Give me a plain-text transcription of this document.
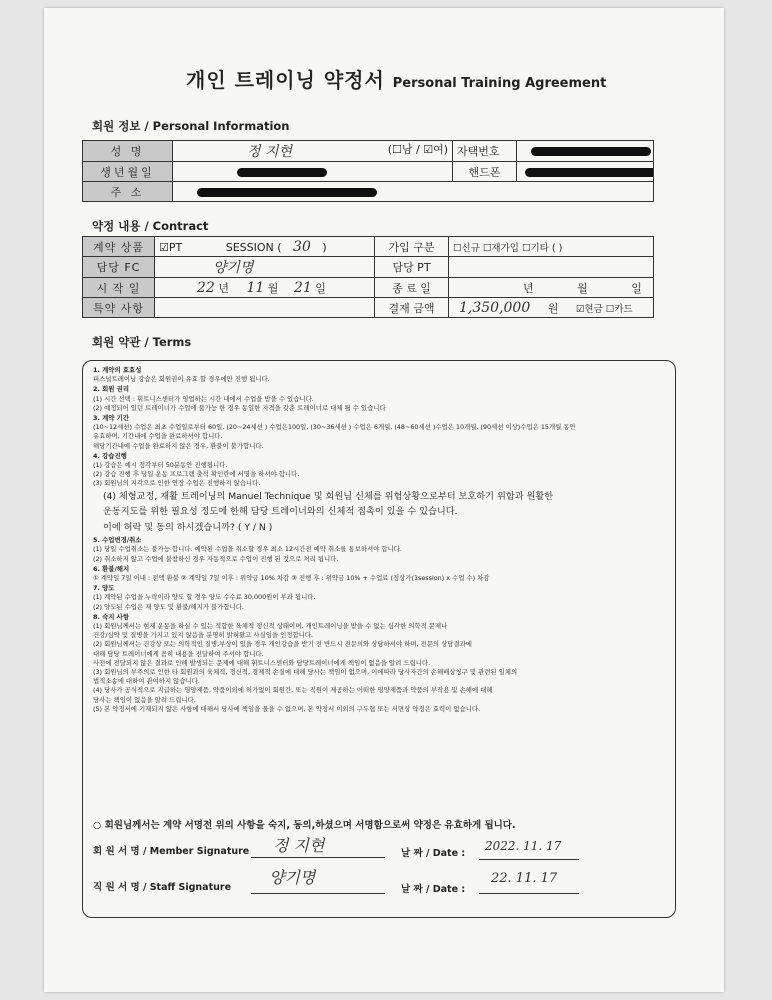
개인 트레이닝 약정서 Personal Training Agreement
회원 정보 / Personal Information
성 명	정 지현 (☐남 / ☑여)	자택번호	
생년월일		핸드폰	
주 소			
약정 내용 / Contract
계약 상품	☑PT SESSION ( 30 )	가입 구분	☐신규 ☐재가입 ☐기타 ( )
담당 FC	양기명	담당 PT	
시 작 일	22 년 11 월 21 일	종 료 일	년 월 일
특약 사항		결재 금액	1,350,000 원 ☑현금 ☐카드
회원 약관 / Terms
1. 계약의 효효성
피스널트레이닝 강습은 회원권이 유효 할 경우에만 진행 됩니다.
2. 회원 권리
(1) 시간 선택 : 휘트니스센터가 영업하는 시간 내에서 수업을 받을 수 있습니다.
(2) 예정되어 있던 트레이너가 수업에 불가능 한 경우 동일한 자격을 갖춘 트레이너로 대체 될 수 있습니다
3. 계약 기간
(10~12세션) 수업은 최초 수업일로부터 60일, (20~24세션 ) 수업은100일, (30~36세션 ) 수업은 6개월, (48~60세션 )수업은 10개월, (90세션 이상)수업은 15개월 동안
유효하며, 기간내에 수업을 완료하셔야 합니다.
해당기간내에 수업을 완료하지 않은 경우, 환불이 불가합니다.
4. 강습진행
(1) 강습은 예시 정각부터 50분동안 진행됩니다.
(2) 강습 진행 후 당일 운동 프로그램 출석 확인란에 서명을 하셔야 합니다.
(3) 회원님의 지각으로 인한 연장 수업은 진행하지 않습니다.
(4) 체형교정, 재활 트레이닝의 Manuel Technique 및 회원님 신체를 위험상황으로부터 보호하기 위함과 원활한
운동지도를 위한 필요성 정도에 한해 담당 트레이너와의 신체적 접촉이 있을 수 있습니다.
이에 허락 및 동의 하시겠습니까? ( Y / N )
5. 수업변경/취소
(1) 당일 수업취소는 불가능 합니다. 예약된 수업을 취소할 경우 최소 12시간전 예약 취소를 통보하셔야 합니다.
(2) 취소하지 않고 수업에 불참하신 경우 자동적으로 수업이 진행 된 것으로 처리 됩니다.
6. 환불/해지
① 계약일 7일 이내 : 전액 환불 ② 계약일 7일 이후 : 위약금 10% 차감 ③ 진행 후 : 위약금 10% + 수업료 (정상가(1session) x 수업 수) 차감
7. 양도
(1) 계약된 수업을 누락이라 양도 할 경우 양도 수수료 30,000원이 부과 됩니다.
(2) 양도된 수업은 재 양도 및 환불/해지가 불가합니다.
8. 숙지 사항
(1) 회원님께서는 현재 운동을 하실 수 있는 적합한 육체적 정신적 상태이며, 개인트레이닝을 받을 수 없는 심각한 의학적 문제나
건강/심약 및 질병을 가지고 있지 않음을 분명히 밝혀왔고 사실임을 인정합니다.
(2) 회원님께서는 건강상 또는 의학적인 질병,부상이 있을 경우 개인강습을 받기 전 반드시 전문의와 상담하셔야 하며, 전문의 상담결과에
대해 담당 트레이너에게 꼼히 내용을 전달하여 주셔야 합니다.
사전에 전달되지 않은 결과로 인해 발생되는 문제에 대해 휘트니스센터와 담당트레이너에게 책임이 없음을 알려 드립니다.
(3) 회원님의 부주의로 인한 타 회원과의 육체적, 정신적, 경제적 손실에 대해 당사는 책임이 없으며, 이에따라 당사자간의 손해배상청구 및 관련된 일체의
법적소송에 대하여 관여하지 않습니다.
(4) 당사가 공식적으로 지급하는 영양제품, 약품이외에 허가없이 회원간, 또는 직원이 제공하는 어떠한 영양제품과 약품의 부작용 및 손해에 대해
당사는 책임이 없음을 알려 드립니다.
(5) 본 약정서에 기재되지 않은 사항에 대해서 당사에 책임을 물을 수 없으며, 본 약정서 이외의 구두협 또는 서면상 약정은 효력이 없습니다.
○ 회원님께서는 계약 서명전 위의 사항을 숙지, 동의,하셨으며 서명함으로써 약정은 유효하게 됩니다.
회 원 서 명 / Member Signature 정 지현	날 짜 / Date :
2022. 11. 17
직 원 서 명 / Staff Signature
양기명
날 짜 / Date :
22. 11. 17
